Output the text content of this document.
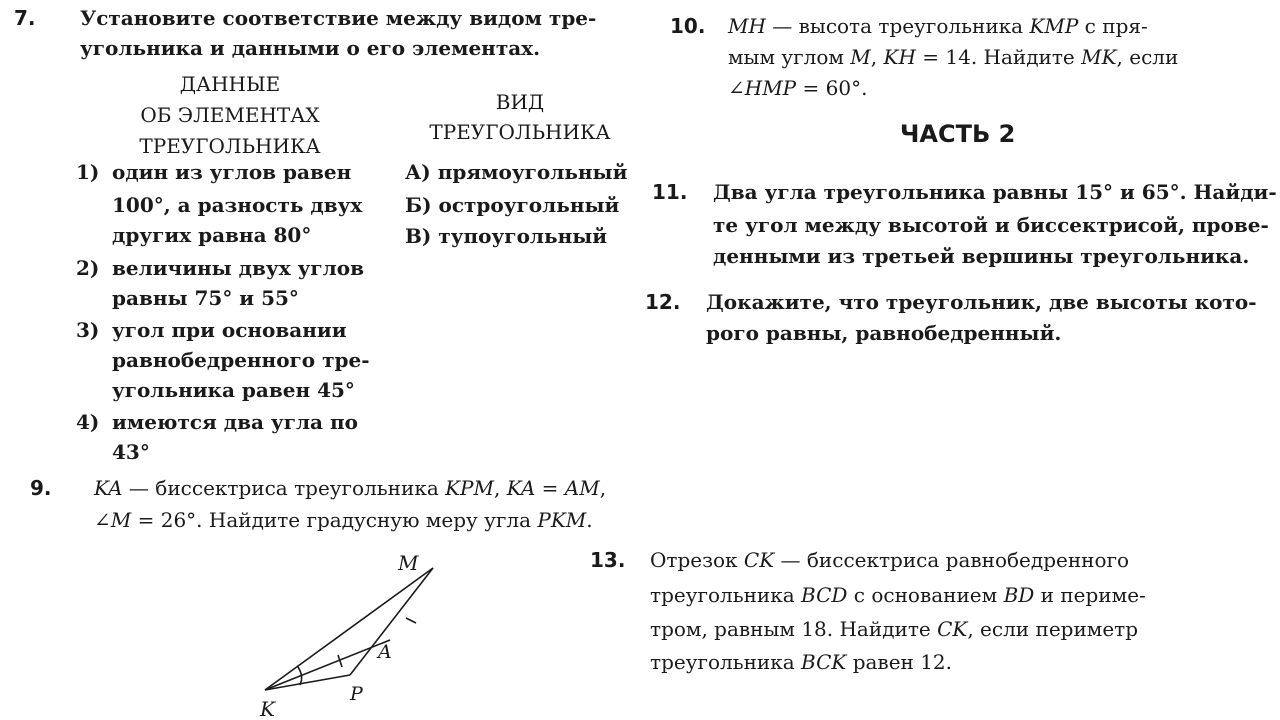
7. Установите соответствие между видом тре-
угольника и данными о его элементах.
ДАННЫЕ
ОБ ЭЛЕМЕНТАХ
ТРЕУГОЛЬНИКА
ВИД
ТРЕУГОЛЬНИКА
1) один из углов равен
100°, а разность двух
других равна 80°
2) величины двух углов
равны 75° и 55°
3) угол при основании
равнобедренного тре-
угольника равен 45°
4) имеются два угла по
43°
А) прямоугольный
Б) остроугольный
В) тупоугольный
9. KA — биссектриса треугольника KPM, KA = AM,
∠M = 26°. Найдите градусную меру угла PKM.
M
A
P
K
10. MH — высота треугольника KMP с пря-
мым углом M, KH = 14. Найдите MK, если
∠HMP = 60°.
ЧАСТЬ 2
11. Два угла треугольника равны 15° и 65°. Найди-
те угол между высотой и биссектрисой, прове-
денными из третьей вершины треугольника.
12. Докажите, что треугольник, две высоты кото-
рого равны, равнобедренный.
13. Отрезок CK — биссектриса равнобедренного
треугольника BCD с основанием BD и периме-
тром, равным 18. Найдите CK, если периметр
треугольника BCK равен 12.
